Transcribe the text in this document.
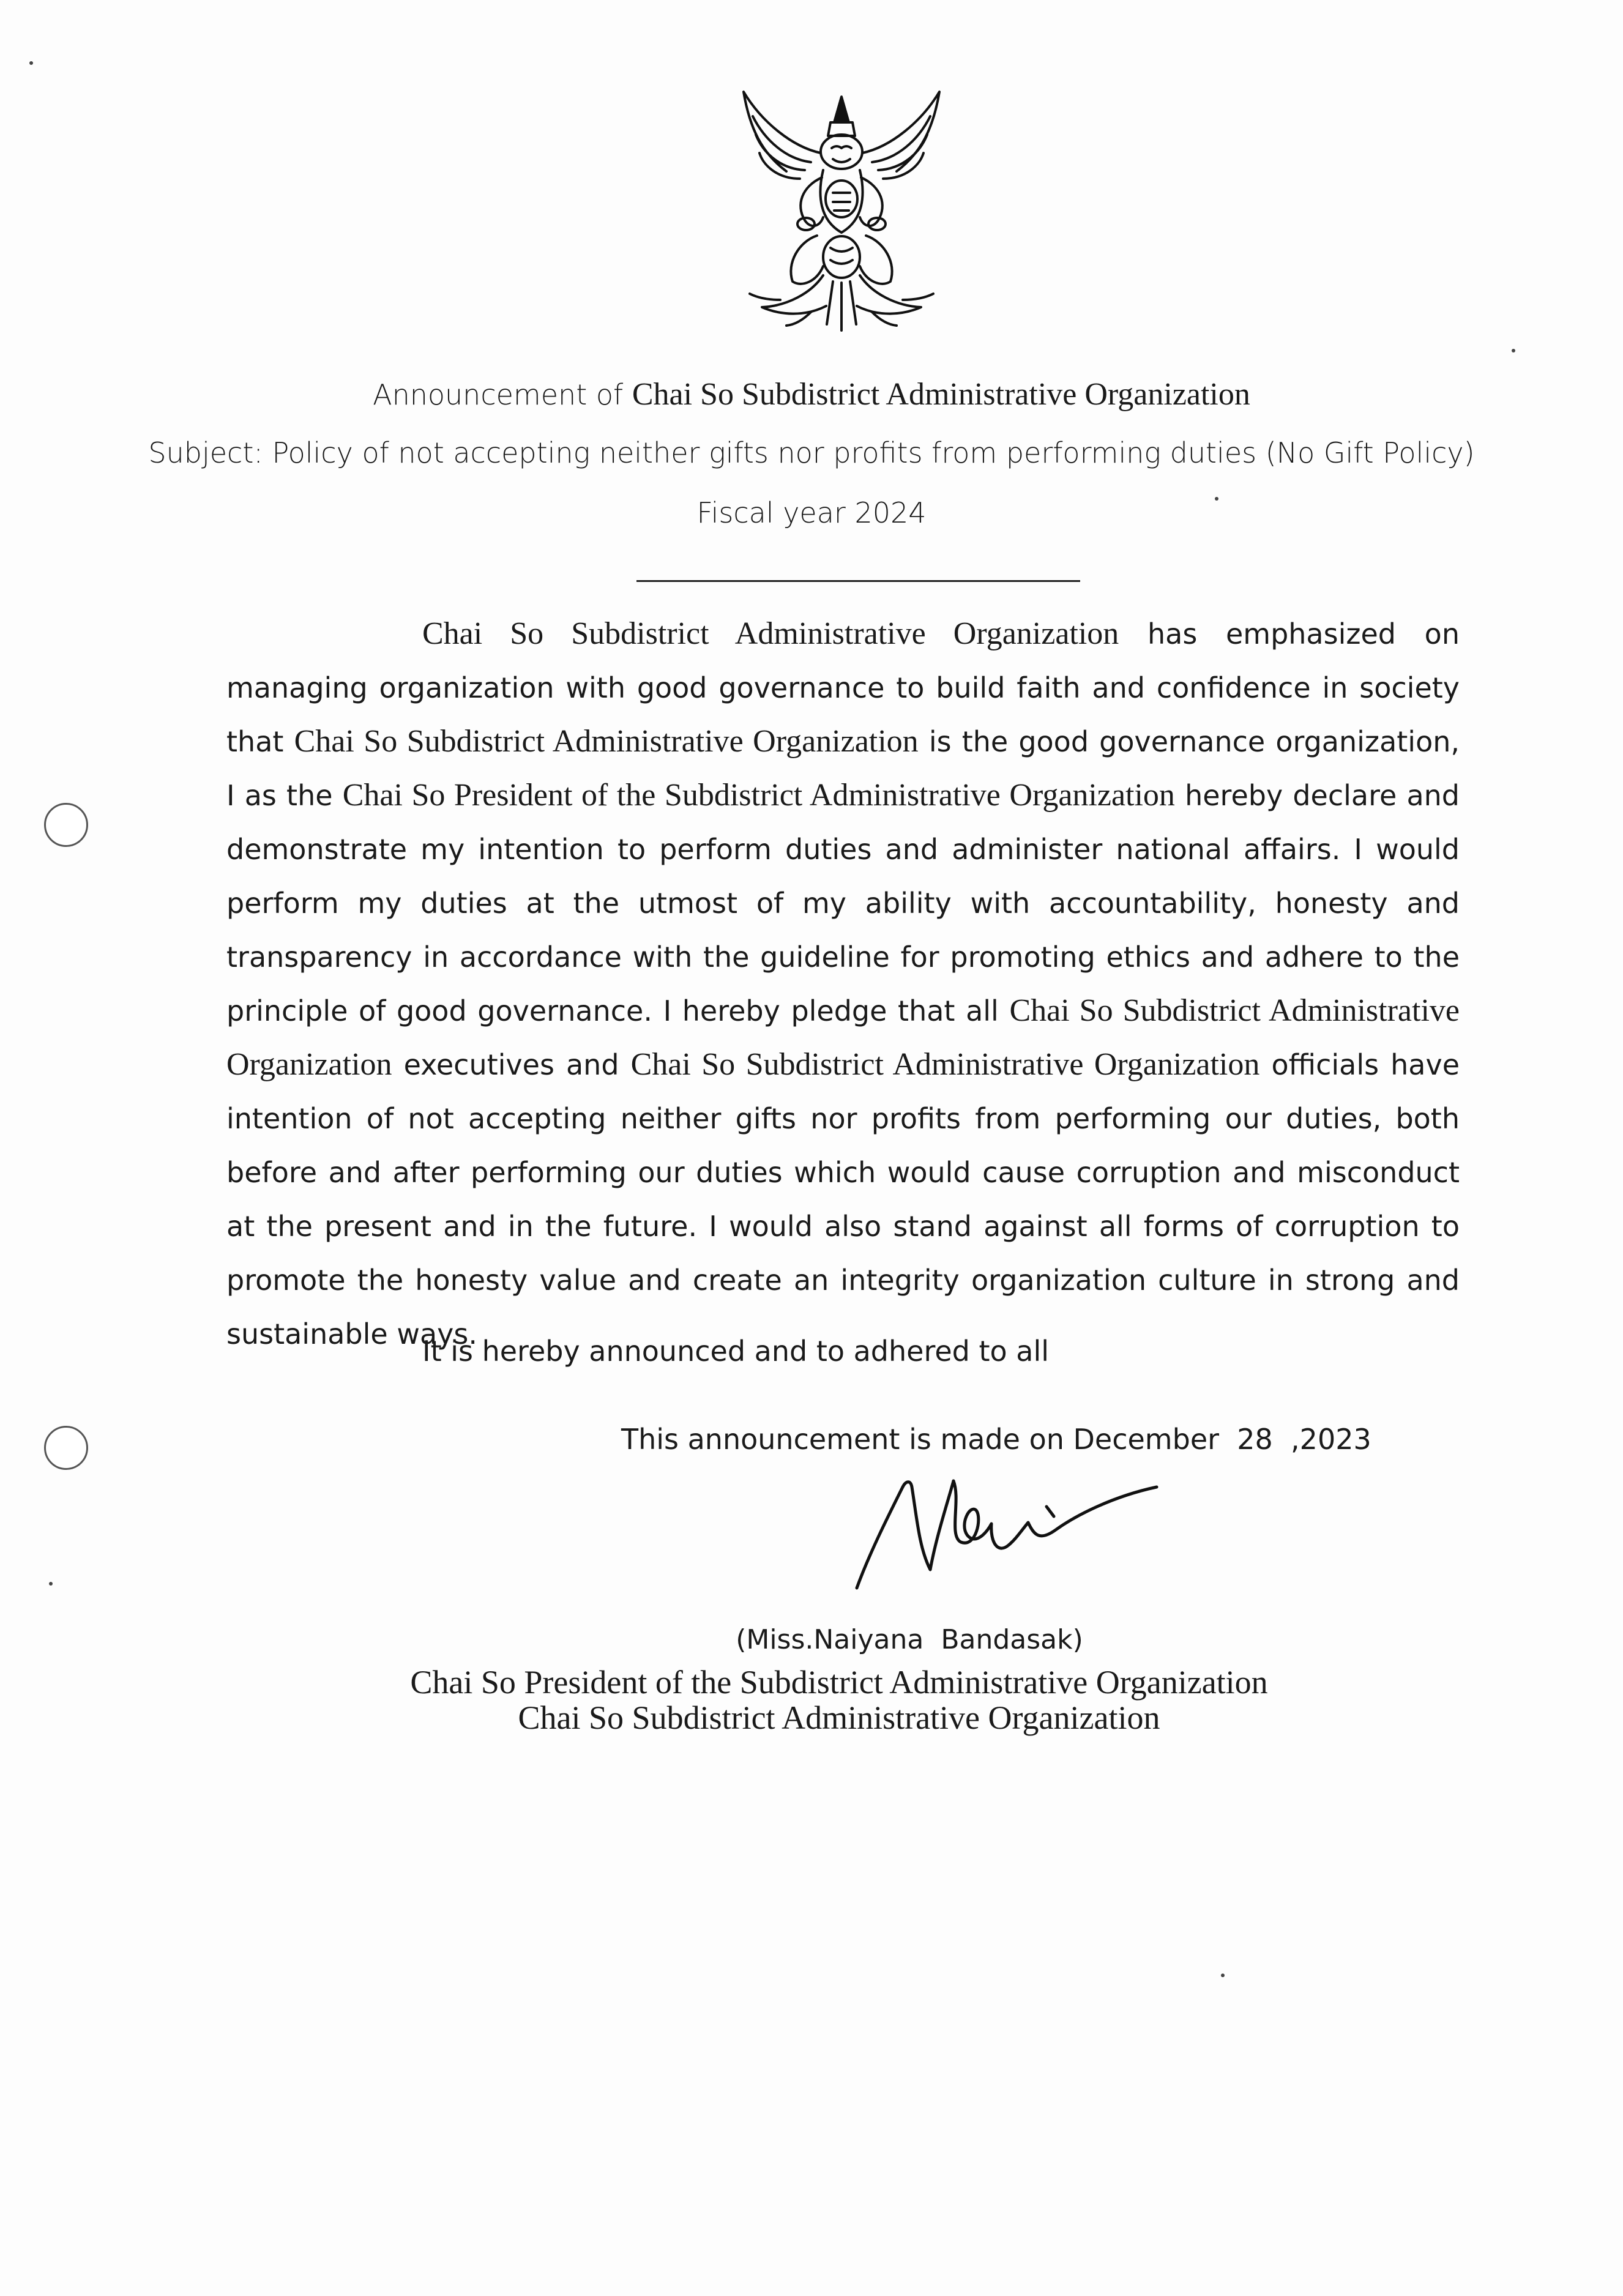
Announcement of Chai So Subdistrict Administrative Organization
Subject: Policy of not accepting neither gifts nor profits from performing duties (No Gift Policy)
Fiscal year 2024
Chai So Subdistrict Administrative Organization has emphasized on managing organization with good governance to build faith and confidence in society that Chai So Subdistrict Administrative Organization is the good governance organization, I as the Chai So President of the Subdistrict Administrative Organization hereby declare and demonstrate my intention to perform duties and administer national affairs. I would perform my duties at the utmost of my ability with accountability, honesty and transparency in accordance with the guideline for promoting ethics and adhere to the principle of good governance. I hereby pledge that all Chai So Subdistrict Administrative Organization executives and Chai So Subdistrict Administrative Organization officials have intention of not accepting neither gifts nor profits from performing our duties, both before and after performing our duties which would cause corruption and misconduct at the present and in the future. I would also stand against all forms of corruption to promote the honesty value and create an integrity organization culture in strong and sustainable ways.
It is hereby announced and to adhered to all
This announcement is made on December  28  ,2023
(Miss.Naiyana  Bandasak)
Chai So President of the Subdistrict Administrative Organization
Chai So Subdistrict Administrative Organization
